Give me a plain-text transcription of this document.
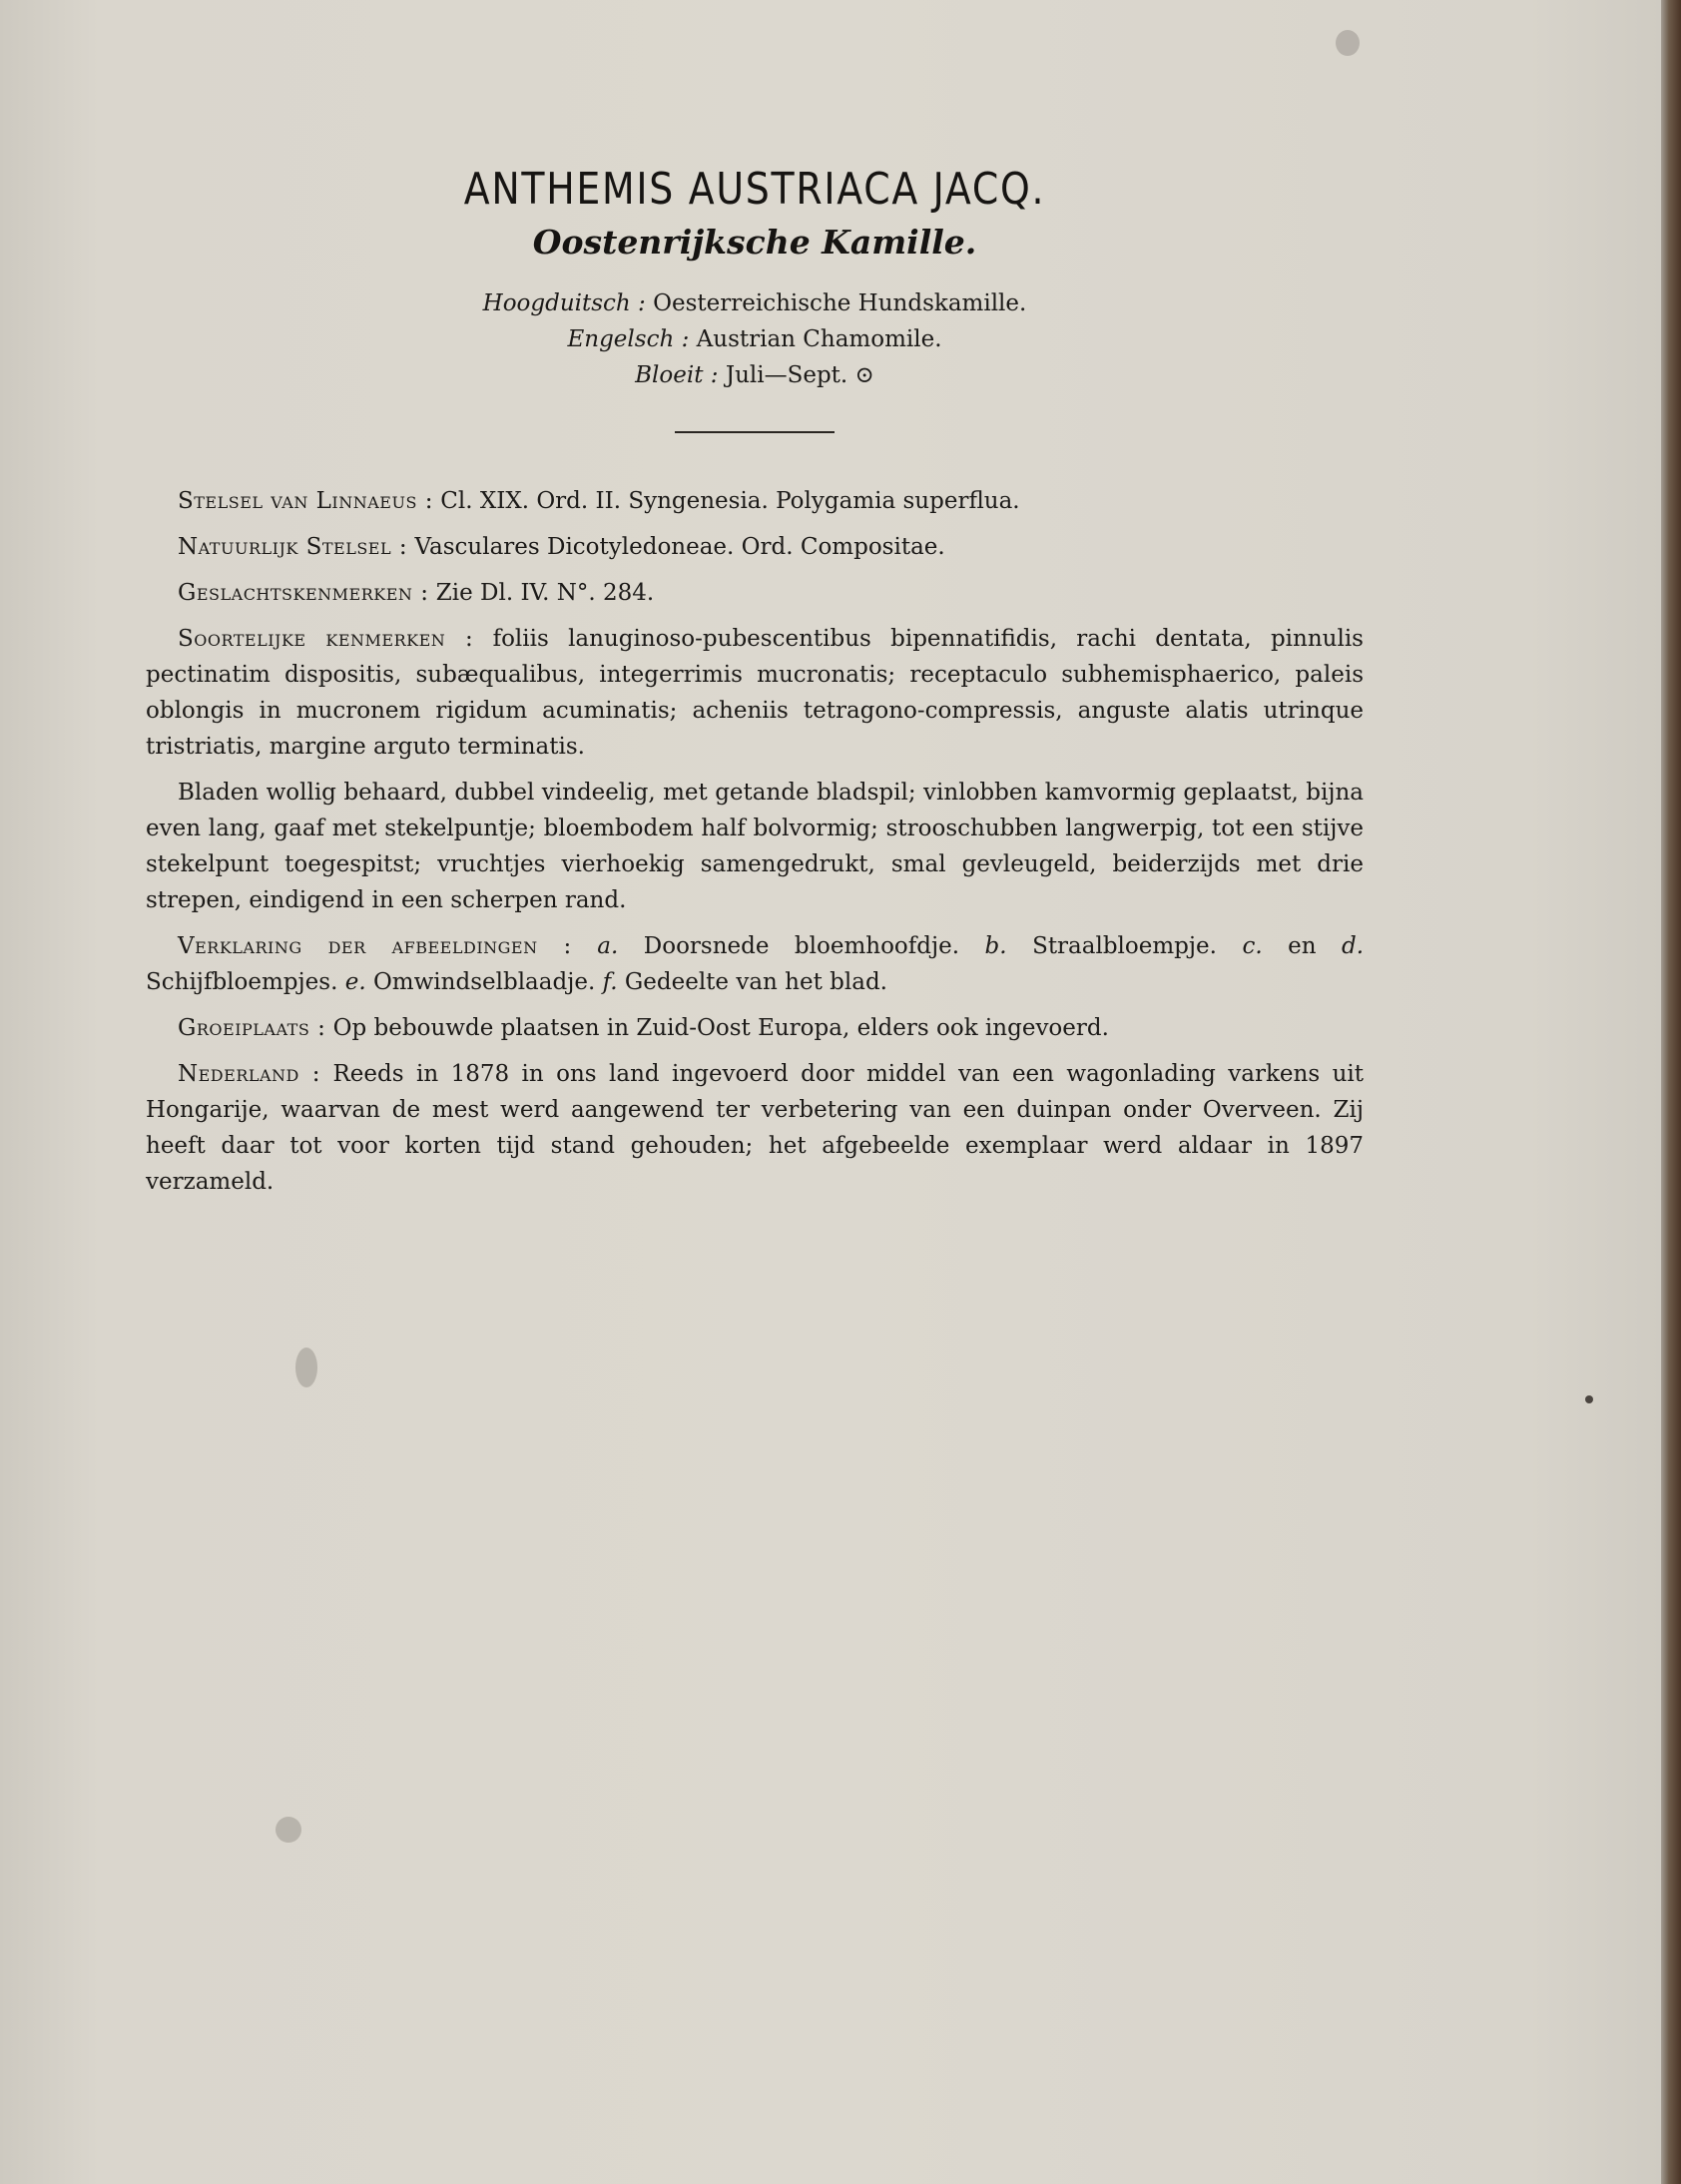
ANTHEMIS AUSTRIACA JACQ.
Oostenrijksche Kamille.
Hoogduitsch : Oesterreichische Hundskamille.
Engelsch : Austrian Chamomile.
Bloeit : Juli—Sept. ⊙

Stelsel van Linnaeus : Cl. XIX. Ord. II. Syngenesia. Polygamia superflua.

Natuurlijk Stelsel : Vasculares Dicotyledoneae. Ord. Compositae.

Geslachtskenmerken : Zie Dl. IV. N°. 284.

Soortelijke kenmerken : foliis lanuginoso-pubescentibus bipennatifidis, rachi dentata, pinnulis pectinatim dispositis, subæqualibus, integerrimis mucronatis; receptaculo subhemisphaerico, paleis oblongis in mucronem rigidum acuminatis; acheniis tetragono-compressis, anguste alatis utrinque tristriatis, margine arguto terminatis.

Bladen wollig behaard, dubbel vindeelig, met getande bladspil; vinlobben kamvormig geplaatst, bijna even lang, gaaf met stekelpuntje; bloembodem half bolvormig; strooschubben langwerpig, tot een stijve stekelpunt toegespitst; vruchtjes vierhoekig samengedrukt, smal gevleugeld, beiderzijds met drie strepen, eindigend in een scherpen rand.

Verklaring der afbeeldingen : a. Doorsnede bloemhoofdje. b. Straalbloempje. c. en d. Schijfbloempjes. e. Omwindselblaadje. f. Gedeelte van het blad.

Groeiplaats : Op bebouwde plaatsen in Zuid-Oost Europa, elders ook ingevoerd.

Nederland : Reeds in 1878 in ons land ingevoerd door middel van een wagonlading varkens uit Hongarije, waarvan de mest werd aangewend ter verbetering van een duinpan onder Overveen. Zij heeft daar tot voor korten tijd stand gehouden; het afgebeelde exemplaar werd aldaar in 1897 verzameld.
